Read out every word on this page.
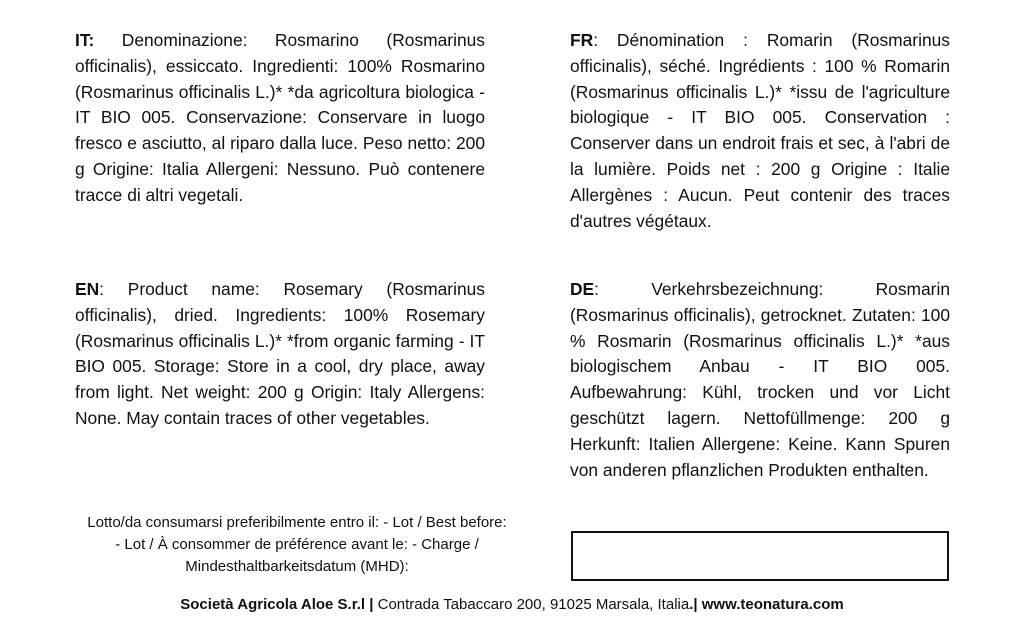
IT: Denominazione: Rosmarino (Rosmarinus officinalis), essiccato. Ingredienti: 100% Rosmarino (Rosmarinus officinalis L.)* *da agricoltura biologica - IT BIO 005. Conservazione: Conservare in luogo fresco e asciutto, al riparo dalla luce. Peso netto: 200 g Origine: Italia Allergeni: Nessuno. Può contenere tracce di altri vegetali.
FR: Dénomination : Romarin (Rosmarinus officinalis), séché. Ingrédients : 100 % Romarin (Rosmarinus officinalis L.)* *issu de l'agriculture biologique - IT BIO 005. Conservation : Conserver dans un endroit frais et sec, à l'abri de la lumière. Poids net : 200 g Origine : Italie Allergènes : Aucun. Peut contenir des traces d'autres végétaux.
EN: Product name: Rosemary (Rosmarinus officinalis), dried. Ingredients: 100% Rosemary (Rosmarinus officinalis L.)* *from organic farming - IT BIO 005. Storage: Store in a cool, dry place, away from light. Net weight: 200 g Origin: Italy Allergens: None. May contain traces of other vegetables.
DE: Verkehrsbezeichnung: Rosmarin (Rosmarinus officinalis), getrocknet. Zutaten: 100 % Rosmarin (Rosmarinus officinalis L.)* *aus biologischem Anbau - IT BIO 005. Aufbewahrung: Kühl, trocken und vor Licht geschützt lagern. Nettofüllmenge: 200 g Herkunft: Italien Allergene: Keine. Kann Spuren von anderen pflanzlichen Produkten enthalten.
Lotto/da consumarsi preferibilmente entro il: - Lot / Best before:
- Lot / À consommer de préférence avant le: - Charge /
Mindesthaltbarkeitsdatum (MHD):
Società Agricola Aloe S.r.l | Contrada Tabaccaro 200, 91025 Marsala, Italia.| www.teonatura.com
